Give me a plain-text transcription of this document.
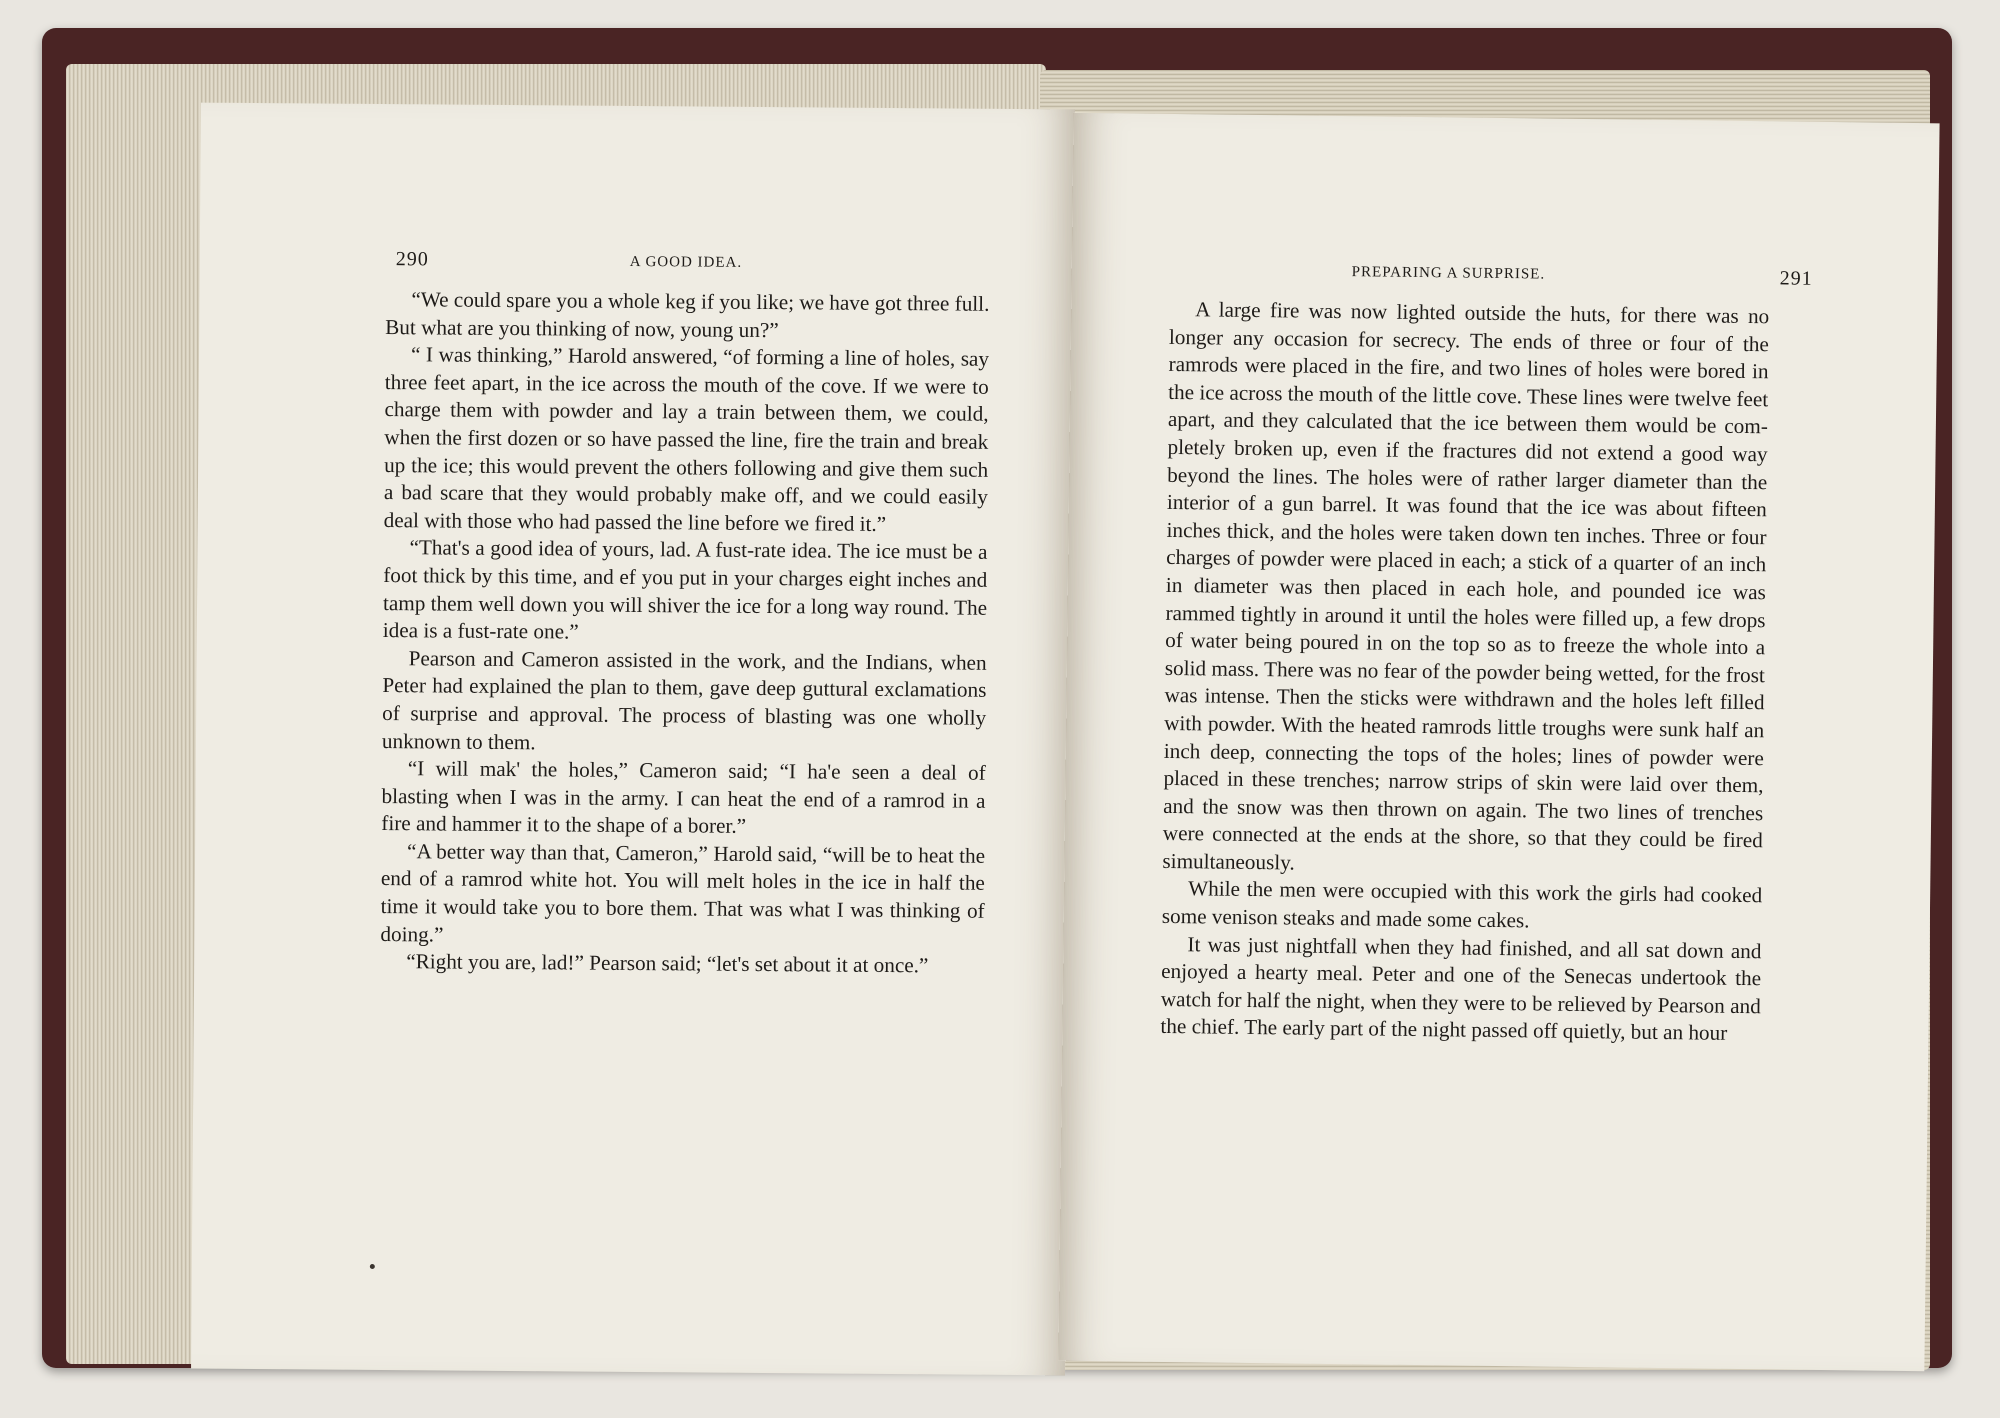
290	A GOOD IDEA.

“We could spare you a whole keg if you like; we have got three full. But what are you thinking of now, young un?”

“ I was thinking,” Harold answered, “of forming a line of holes, say three feet apart, in the ice across the mouth of the cove. If we were to charge them with powder and lay a train between them, we could, when the first dozen or so have passed the line, fire the train and break up the ice; this would prevent the others following and give them such a bad scare that they would probably make off, and we could easily deal with those who had passed the line before we fired it.”

“That's a good idea of yours, lad. A fust-rate idea. The ice must be a foot thick by this time, and ef you put in your charges eight inches and tamp them well down you will shiver the ice for a long way round. The idea is a fust-rate one.”

Pearson and Cameron assisted in the work, and the Indians, when Peter had explained the plan to them, gave deep guttural exclamations of surprise and approval. The process of blasting was one wholly unknown to them.

“I will mak' the holes,” Cameron said; “I ha'e seen a deal of blasting when I was in the army. I can heat the end of a ramrod in a fire and hammer it to the shape of a borer.”

“A better way than that, Cameron,” Harold said, “will be to heat the end of a ramrod white hot. You will melt holes in the ice in half the time it would take you to bore them. That was what I was thinking of doing.”

“Right you are, lad!” Pearson said; “let's set about it at once.”

PREPARING A SURPRISE.	291

A large fire was now lighted outside the huts, for there was no longer any occasion for secrecy. The ends of three or four of the ramrods were placed in the fire, and two lines of holes were bored in the ice across the mouth of the little cove. These lines were twelve feet apart, and they calculated that the ice between them would be completely broken up, even if the fractures did not extend a good way beyond the lines. The holes were of rather larger diameter than the interior of a gun barrel. It was found that the ice was about fifteen inches thick, and the holes were taken down ten inches. Three or four charges of powder were placed in each; a stick of a quarter of an inch in diameter was then placed in each hole, and pounded ice was rammed tightly in around it until the holes were filled up, a few drops of water being poured in on the top so as to freeze the whole into a solid mass. There was no fear of the powder being wetted, for the frost was intense. Then the sticks were withdrawn and the holes left filled with powder. With the heated ramrods little troughs were sunk half an inch deep, connecting the tops of the holes; lines of powder were placed in these trenches; narrow strips of skin were laid over them, and the snow was then thrown on again. The two lines of trenches were connected at the ends at the shore, so that they could be fired simultaneously.

While the men were occupied with this work the girls had cooked some venison steaks and made some cakes.

It was just nightfall when they had finished, and all sat down and enjoyed a hearty meal. Peter and one of the Senecas undertook the watch for half the night, when they were to be relieved by Pearson and the chief. The early part of the night passed off quietly, but an hour
